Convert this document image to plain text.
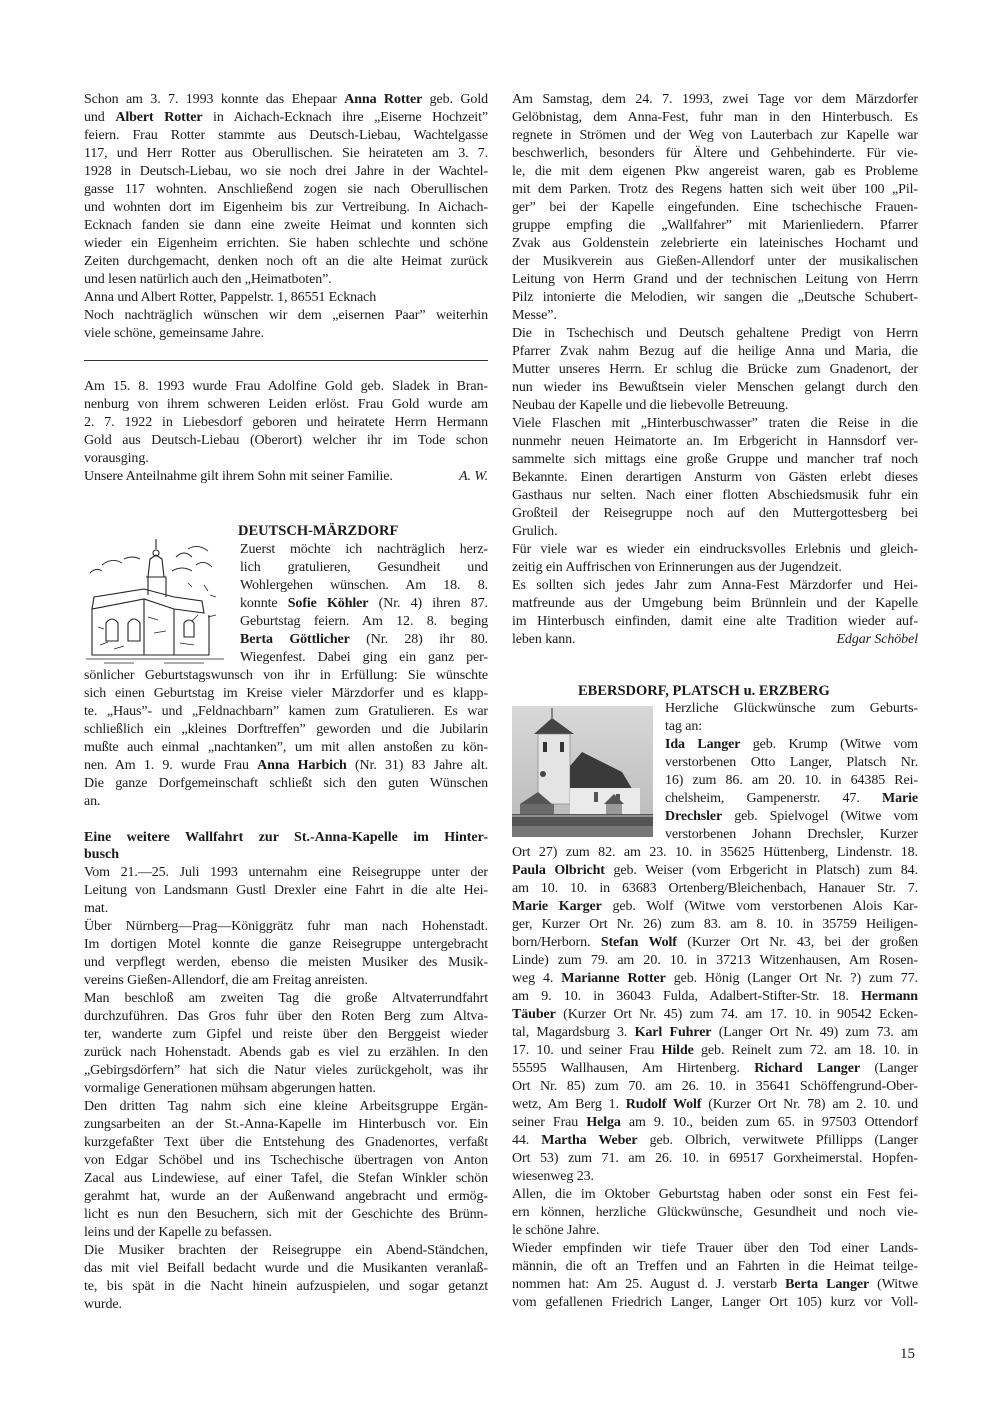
Schon am 3. 7. 1993 konnte das Ehepaar Anna Rotter geb. Gold
und Albert Rotter in Aichach-Ecknach ihre „Eiserne Hochzeit”
feiern. Frau Rotter stammte aus Deutsch-Liebau, Wachtelgasse
117, und Herr Rotter aus Oberullischen. Sie heirateten am 3. 7.
1928 in Deutsch-Liebau, wo sie noch drei Jahre in der Wachtel-
gasse 117 wohnten. Anschließend zogen sie nach Oberullischen
und wohnten dort im Eigenheim bis zur Vertreibung. In Aichach-
Ecknach fanden sie dann eine zweite Heimat und konnten sich
wieder ein Eigenheim errichten. Sie haben schlechte und schöne
Zeiten durchgemacht, denken noch oft an die alte Heimat zurück
und lesen natürlich auch den „Heimatboten”.
Anna und Albert Rotter, Pappelstr. 1, 86551 Ecknach
Noch nachträglich wünschen wir dem „eisernen Paar” weiterhin
viele schöne, gemeinsame Jahre.
Am 15. 8. 1993 wurde Frau Adolfine Gold geb. Sladek in Bran-
nenburg von ihrem schweren Leiden erlöst. Frau Gold wurde am
2. 7. 1922 in Liebesdorf geboren und heiratete Herrn Hermann
Gold aus Deutsch-Liebau (Oberort) welcher ihr im Tode schon
vorausging.
A. W.
Unsere Anteilnahme gilt ihrem Sohn mit seiner Familie.
DEUTSCH-MÄRZDORF
Zuerst möchte ich nachträglich herz-
lich gratulieren, Gesundheit und
Wohlergehen wünschen. Am 18. 8.
konnte Sofie Köhler (Nr. 4) ihren 87.
Geburtstag feiern. Am 12. 8. beging
Berta Göttlicher (Nr. 28) ihr 80.
Wiegenfest. Dabei ging ein ganz per-
sönlicher Geburtstagswunsch von ihr in Erfüllung: Sie wünschte
sich einen Geburtstag im Kreise vieler Märzdorfer und es klapp-
te. „Haus”- und „Feldnachbarn” kamen zum Gratulieren. Es war
schließlich ein „kleines Dorftreffen” geworden und die Jubilarin
mußte auch einmal „nachtanken”, um mit allen anstoßen zu kön-
nen. Am 1. 9. wurde Frau Anna Harbich (Nr. 31) 83 Jahre alt.
Die ganze Dorfgemeinschaft schließt sich den guten Wünschen
an.
Eine weitere Wallfahrt zur St.-Anna-Kapelle im Hinter-
busch
Vom 21.—25. Juli 1993 unternahm eine Reisegruppe unter der
Leitung von Landsmann Gustl Drexler eine Fahrt in die alte Hei-
mat.
Über Nürnberg—Prag—Königgrätz fuhr man nach Hohenstadt.
Im dortigen Motel konnte die ganze Reisegruppe untergebracht
und verpflegt werden, ebenso die meisten Musiker des Musik-
vereins Gießen-Allendorf, die am Freitag anreisten.
Man beschloß am zweiten Tag die große Altvaterrundfahrt
durchzuführen. Das Gros fuhr über den Roten Berg zum Altva-
ter, wanderte zum Gipfel und reiste über den Berggeist wieder
zurück nach Hohenstadt. Abends gab es viel zu erzählen. In den
„Gebirgsdörfern” hat sich die Natur vieles zurückgeholt, was ihr
vormalige Generationen mühsam abgerungen hatten.
Den dritten Tag nahm sich eine kleine Arbeitsgruppe Ergän-
zungsarbeiten an der St.-Anna-Kapelle im Hinterbusch vor. Ein
kurzgefaßter Text über die Entstehung des Gnadenortes, verfaßt
von Edgar Schöbel und ins Tschechische übertragen von Anton
Zacal aus Lindewiese, auf einer Tafel, die Stefan Winkler schön
gerahmt hat, wurde an der Außenwand angebracht und ermög-
licht es nun den Besuchern, sich mit der Geschichte des Brünn-
leins und der Kapelle zu befassen.
Die Musiker brachten der Reisegruppe ein Abend-Ständchen,
das mit viel Beifall bedacht wurde und die Musikanten veranlaß-
te, bis spät in die Nacht hinein aufzuspielen, und sogar getanzt
wurde.
Am Samstag, dem 24. 7. 1993, zwei Tage vor dem Märzdorfer
Gelöbnistag, dem Anna-Fest, fuhr man in den Hinterbusch. Es
regnete in Strömen und der Weg von Lauterbach zur Kapelle war
beschwerlich, besonders für Ältere und Gehbehinderte. Für vie-
le, die mit dem eigenen Pkw angereist waren, gab es Probleme
mit dem Parken. Trotz des Regens hatten sich weit über 100 „Pil-
ger” bei der Kapelle eingefunden. Eine tschechische Frauen-
gruppe empfing die „Wallfahrer” mit Marienliedern. Pfarrer
Zvak aus Goldenstein zelebrierte ein lateinisches Hochamt und
der Musikverein aus Gießen-Allendorf unter der musikalischen
Leitung von Herrn Grand und der technischen Leitung von Herrn
Pilz intonierte die Melodien, wir sangen die „Deutsche Schubert-
Messe”.
Die in Tschechisch und Deutsch gehaltene Predigt von Herrn
Pfarrer Zvak nahm Bezug auf die heilige Anna und Maria, die
Mutter unseres Herrn. Er schlug die Brücke zum Gnadenort, der
nun wieder ins Bewußtsein vieler Menschen gelangt durch den
Neubau der Kapelle und die liebevolle Betreuung.
Viele Flaschen mit „Hinterbuschwasser” traten die Reise in die
nunmehr neuen Heimatorte an. Im Erbgericht in Hannsdorf ver-
sammelte sich mittags eine große Gruppe und mancher traf noch
Bekannte. Einen derartigen Ansturm von Gästen erlebt dieses
Gasthaus nur selten. Nach einer flotten Abschiedsmusik fuhr ein
Großteil der Reisegruppe noch auf den Muttergottesberg bei
Grulich.
Für viele war es wieder ein eindrucksvolles Erlebnis und gleich-
zeitig ein Auffrischen von Erinnerungen aus der Jugendzeit.
Es sollten sich jedes Jahr zum Anna-Fest Märzdorfer und Hei-
matfreunde aus der Umgebung beim Brünnlein und der Kapelle
im Hinterbusch einfinden, damit eine alte Tradition wieder auf-
Edgar Schöbel
leben kann.
EBERSDORF, PLATSCH u. ERZBERG
Herzliche Glückwünsche zum Geburts-
tag an:
Ida Langer geb. Krump (Witwe vom
verstorbenen Otto Langer, Platsch Nr.
16) zum 86. am 20. 10. in 64385 Rei-
chelsheim, Gampenerstr. 47. Marie
Drechsler geb. Spielvogel (Witwe vom
verstorbenen Johann Drechsler, Kurzer
Ort 27) zum 82. am 23. 10. in 35625 Hüttenberg, Lindenstr. 18.
Paula Olbricht geb. Weiser (vom Erbgericht in Platsch) zum 84.
am 10. 10. in 63683 Ortenberg/Bleichenbach, Hanauer Str. 7.
Marie Karger geb. Wolf (Witwe vom verstorbenen Alois Kar-
ger, Kurzer Ort Nr. 26) zum 83. am 8. 10. in 35759 Heiligen-
born/Herborn. Stefan Wolf (Kurzer Ort Nr. 43, bei der großen
Linde) zum 79. am 20. 10. in 37213 Witzenhausen, Am Rosen-
weg 4. Marianne Rotter geb. Hönig (Langer Ort Nr. ?) zum 77.
am 9. 10. in 36043 Fulda, Adalbert-Stifter-Str. 18. Hermann
Täuber (Kurzer Ort Nr. 45) zum 74. am 17. 10. in 90542 Ecken-
tal, Magardsburg 3. Karl Fuhrer (Langer Ort Nr. 49) zum 73. am
17. 10. und seiner Frau Hilde geb. Reinelt zum 72. am 18. 10. in
55595 Wallhausen, Am Hirtenberg. Richard Langer (Langer
Ort Nr. 85) zum 70. am 26. 10. in 35641 Schöffengrund-Ober-
wetz, Am Berg 1. Rudolf Wolf (Kurzer Ort Nr. 78) am 2. 10. und
seiner Frau Helga am 9. 10., beiden zum 65. in 97503 Ottendorf
44. Martha Weber geb. Olbrich, verwitwete Pfillipps (Langer
Ort 53) zum 71. am 26. 10. in 69517 Gorxheimerstal. Hopfen-
wiesenweg 23.
Allen, die im Oktober Geburtstag haben oder sonst ein Fest fei-
ern können, herzliche Glückwünsche, Gesundheit und noch vie-
le schöne Jahre.
Wieder empfinden wir tiefe Trauer über den Tod einer Lands-
männin, die oft an Treffen und an Fahrten in die Heimat teilge-
nommen hat: Am 25. August d. J. verstarb Berta Langer (Witwe
vom gefallenen Friedrich Langer, Langer Ort 105) kurz vor Voll-
15
